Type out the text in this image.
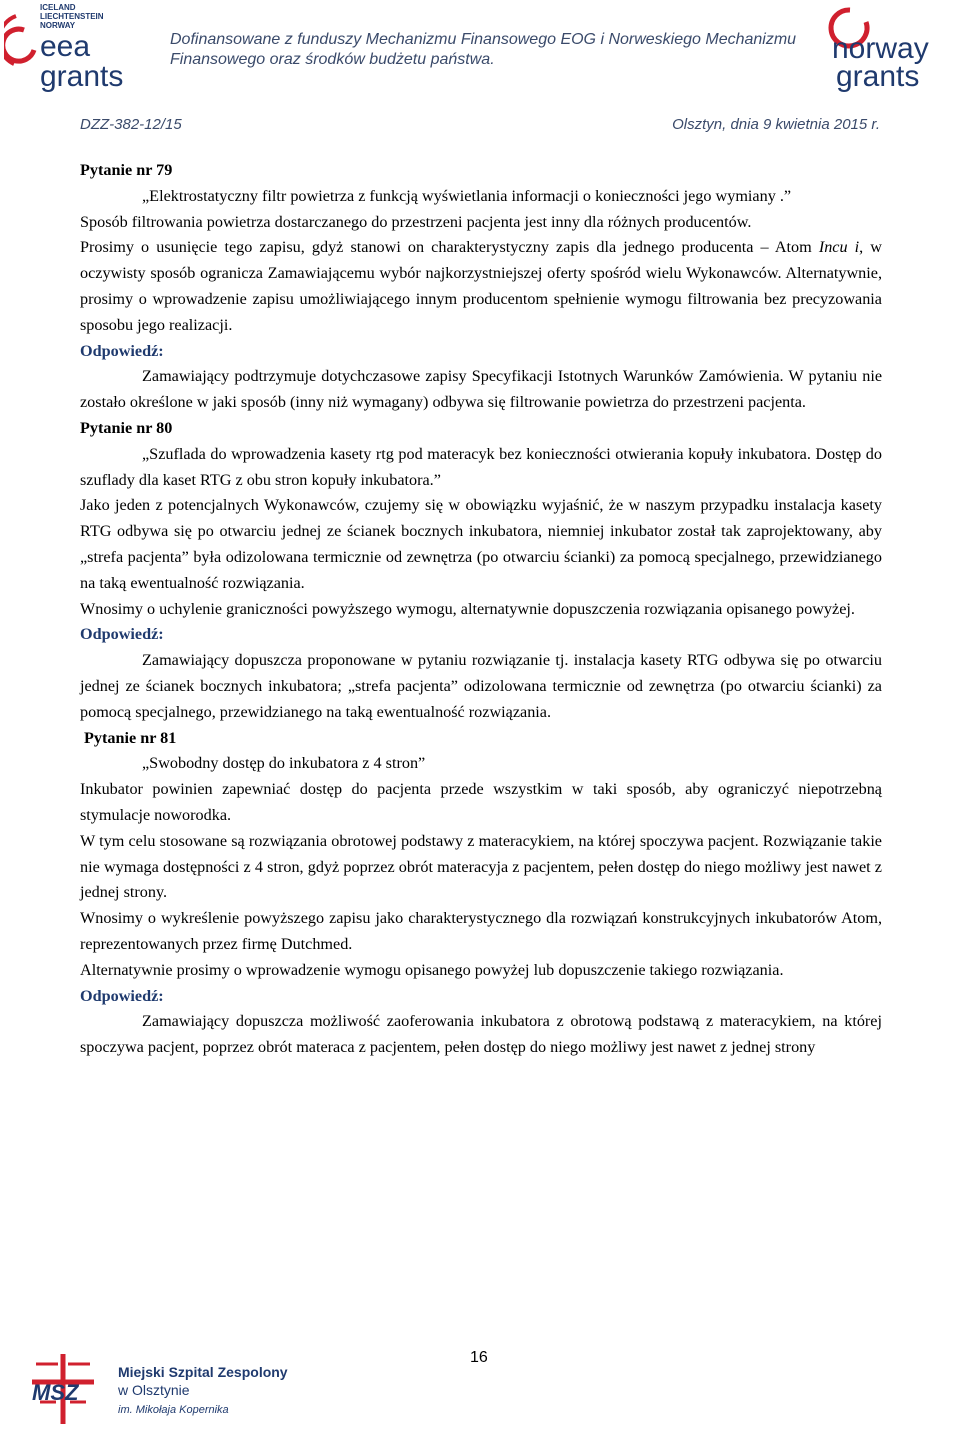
ICELAND
LIECHTENSTEIN
NORWAY
eea
grants
Dofinansowane z funduszy Mechanizmu Finansowego EOG i Norweskiego Mechanizmu
Finansowego oraz środków budżetu państwa.	norway
grants
DZZ-382-12/15	Olsztyn, dnia 9 kwietnia 2015 r.

Pytanie nr 79

„Elektrostatyczny filtr powietrza z funkcją wyświetlania informacji o konieczności jego wymiany .”

Sposób filtrowania powietrza dostarczanego do przestrzeni pacjenta jest inny dla różnych producentów.

Prosimy o usunięcie tego zapisu, gdyż stanowi on charakterystyczny zapis dla jednego producenta – Atom Incu i, w oczywisty sposób ogranicza Zamawiającemu wybór najkorzystniejszej oferty spośród wielu Wykonawców. Alternatywnie, prosimy o wprowadzenie zapisu umożliwiającego innym producentom spełnienie wymogu filtrowania bez precyzowania sposobu jego realizacji.

Odpowiedź:

Zamawiający podtrzymuje dotychczasowe zapisy Specyfikacji Istotnych Warunków Zamówienia. W pytaniu nie zostało określone w jaki sposób (inny niż wymagany) odbywa się filtrowanie powietrza do przestrzeni pacjenta.

Pytanie nr 80

„Szuflada do wprowadzenia kasety rtg pod materacyk bez konieczności otwierania kopuły inkubatora. Dostęp do szuflady dla kaset RTG z obu stron kopuły inkubatora.”

Jako jeden z potencjalnych Wykonawców, czujemy się w obowiązku wyjaśnić, że w naszym przypadku instalacja kasety RTG odbywa się po otwarciu jednej ze ścianek bocznych inkubatora, niemniej inkubator został tak zaprojektowany, aby „strefa pacjenta” była odizolowana termicznie od zewnętrza (po otwarciu ścianki) za pomocą specjalnego, przewidzianego na taką ewentualność rozwiązania.

Wnosimy o uchylenie graniczności powyższego wymogu, alternatywnie dopuszczenia rozwiązania opisanego powyżej.

Odpowiedź:

Zamawiający dopuszcza proponowane w pytaniu rozwiązanie tj. instalacja kasety RTG odbywa się po otwarciu jednej ze ścianek bocznych inkubatora; „strefa pacjenta” odizolowana termicznie od zewnętrza (po otwarciu ścianki) za pomocą specjalnego, przewidzianego na taką ewentualność rozwiązania.

Pytanie nr 81

„Swobodny dostęp do inkubatora z 4 stron”

Inkubator powinien zapewniać dostęp do pacjenta przede wszystkim w taki sposób, aby ograniczyć niepotrzebną stymulacje noworodka.

W tym celu stosowane są rozwiązania obrotowej podstawy z materacykiem, na której spoczywa pacjent. Rozwiązanie takie nie wymaga dostępności z 4 stron, gdyż poprzez obrót materacyja z pacjentem, pełen dostęp do niego możliwy jest nawet z jednej strony.

Wnosimy o wykreślenie powyższego zapisu jako charakterystycznego dla rozwiązań konstrukcyjnych inkubatorów Atom, reprezentowanych przez firmę Dutchmed.

Alternatywnie prosimy o wprowadzenie wymogu opisanego powyżej lub dopuszczenie takiego rozwiązania.

Odpowiedź:

Zamawiający dopuszcza możliwość zaoferowania inkubatora z obrotową podstawą z materacykiem, na której spoczywa pacjent, poprzez obrót materaca z pacjentem, pełen dostęp do niego możliwy jest nawet z jednej strony

16
MSZ
Miejski Szpital Zespolony
w Olsztynie
im. Mikołaja Kopernika
